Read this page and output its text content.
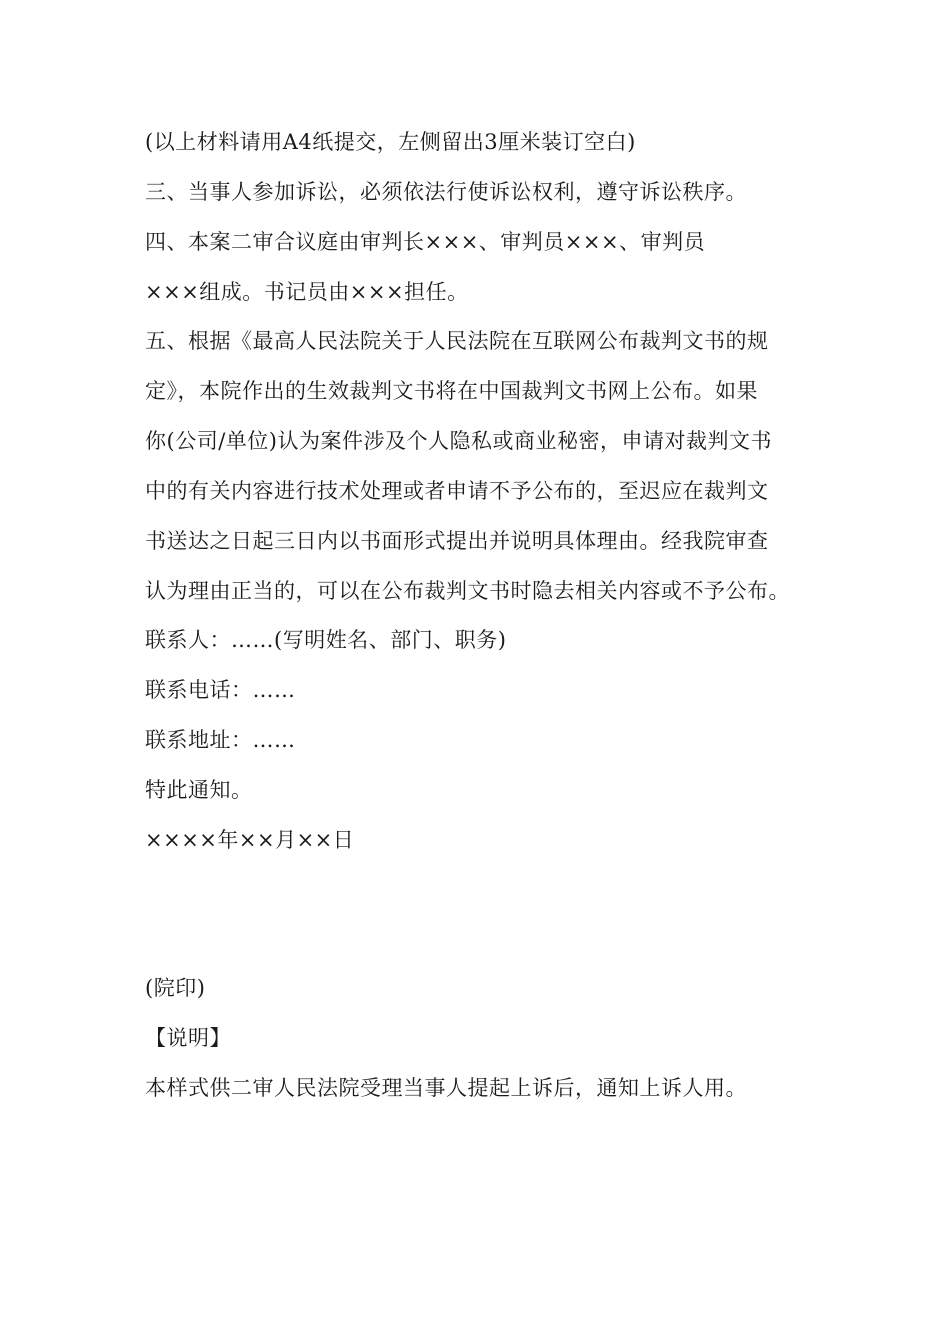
(以上材料请用A4纸提交，左侧留出3厘米装订空白)
三、当事人参加诉讼，必须依法行使诉讼权利，遵守诉讼秩序。
四、本案二审合议庭由审判长×××、审判员×××、审判员
×××组成。书记员由×××担任。
五、根据《最高人民法院关于人民法院在互联网公布裁判文书的规
定》，本院作出的生效裁判文书将在中国裁判文书网上公布。如果
你(公司/单位)认为案件涉及个人隐私或商业秘密，申请对裁判文书
中的有关内容进行技术处理或者申请不予公布的，至迟应在裁判文
书送达之日起三日内以书面形式提出并说明具体理由。经我院审查
认为理由正当的，可以在公布裁判文书时隐去相关内容或不予公布。
联系人：……(写明姓名、部门、职务)
联系电话：……
联系地址：……
特此通知。
××××年××月××日
(院印)
【说明】
本样式供二审人民法院受理当事人提起上诉后，通知上诉人用。
